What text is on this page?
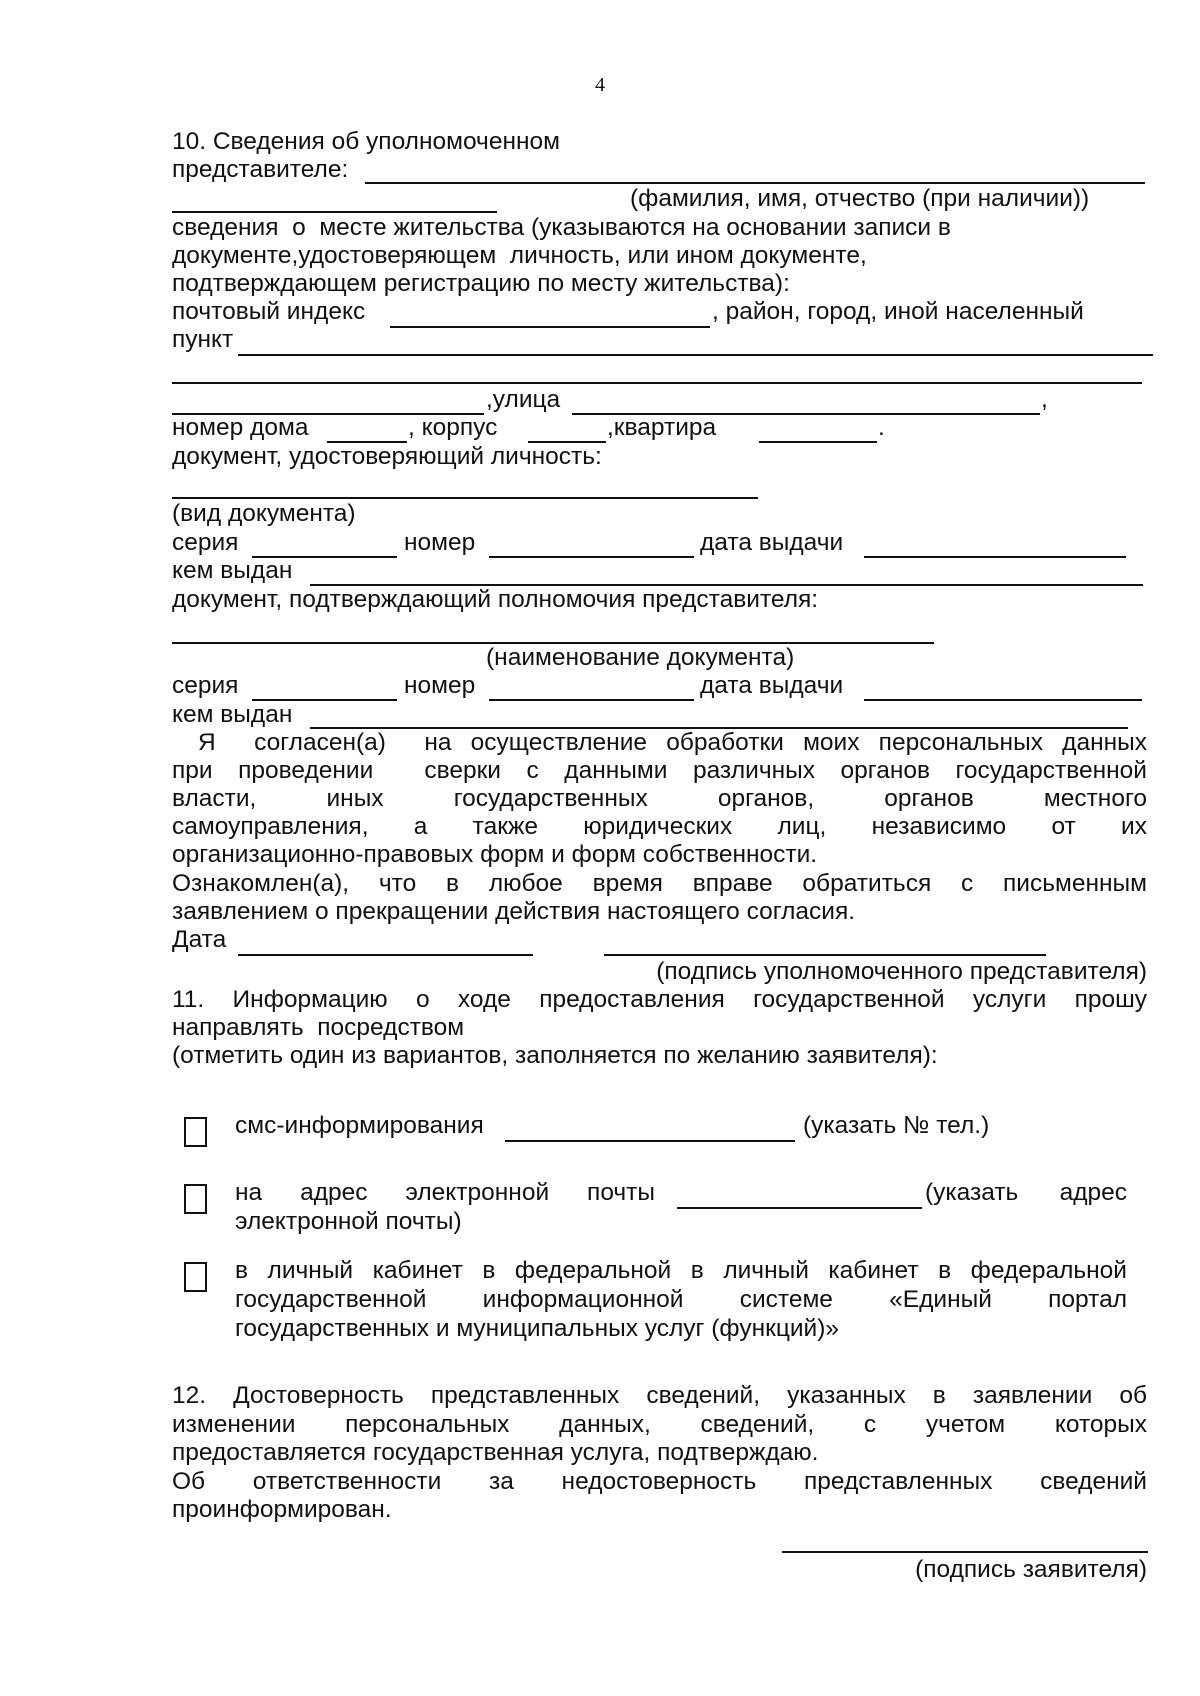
4
10. Сведения об уполномоченном
представителе:
(фамилия, имя, отчество (при наличии))
сведения  о  месте жительства (указываются на основании записи в
документе,удостоверяющем  личность, или ином документе,
подтверждающем регистрацию по месту жительства):
почтовый индекс	, район, город, иной населенный
пункт
,улица	,
номер дома	, корпус	,квартира	.
документ, удостоверяющий личность:
(вид документа)
серия	номер	дата выдачи
кем выдан
документ, подтверждающий полномочия представителя:
(наименование документа)
серия	номер	дата выдачи
кем выдан
Я  согласен(а)  на осуществление обработки моих персональных данных
при проведении  сверки с данными различных органов государственной
власти, иных государственных органов, органов местного
самоуправления, а также юридических лиц, независимо от их
организационно-правовых форм и форм собственности.
Ознакомлен(а), что в любое время вправе обратиться с письменным
заявлением о прекращении действия настоящего согласия.
Дата
(подпись уполномоченного представителя)
11. Информацию о ходе предоставления государственной услуги прошу
направлять  посредством
(отметить один из вариантов, заполняется по желанию заявителя):
смс-информирования	(указать № тел.)
на адрес электронной почты	(указать адрес
электронной почты)
в личный кабинет в федеральной в личный кабинет в федеральной
государственной информационной системе «Единый портал
государственных и муниципальных услуг (функций)»
12. Достоверность представленных сведений, указанных в заявлении об
изменении персональных данных, сведений, с учетом которых
предоставляется государственная услуга, подтверждаю.
Об ответственности за недостоверность представленных сведений
проинформирован.
(подпись заявителя)
